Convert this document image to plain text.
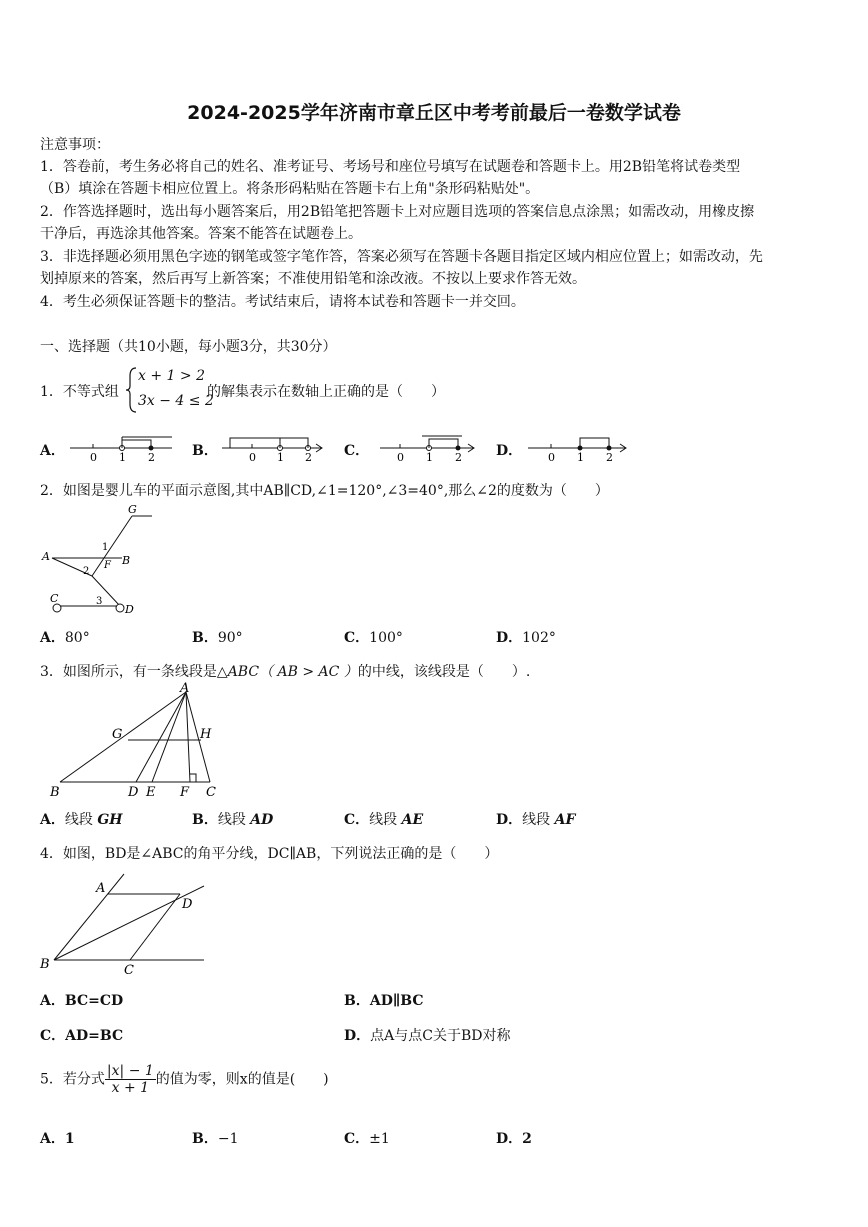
2024-2025学年济南市章丘区中考考前最后一卷数学试卷
注意事项：
1．答卷前，考生务必将自己的姓名、准考证号、考场号和座位号填写在试题卷和答题卡上。用2B铅笔将试卷类型
（B）填涂在答题卡相应位置上。将条形码粘贴在答题卡右上角"条形码粘贴处"。
2．作答选择题时，选出每小题答案后，用2B铅笔把答题卡上对应题目选项的答案信息点涂黑；如需改动，用橡皮擦
干净后，再选涂其他答案。答案不能答在试题卷上。
3．非选择题必须用黑色字迹的钢笔或签字笔作答，答案必须写在答题卡各题目指定区域内相应位置上；如需改动，先
划掉原来的答案，然后再写上新答案；不准使用铅笔和涂改液。不按以上要求作答无效。
4．考生必须保证答题卡的整洁。考试结束后，请将本试卷和答题卡一并交回。
一、选择题（共10小题，每小题3分，共30分）
1．不等式组
x + 1 > 2
3x − 4 ≤ 2
的解集表示在数轴上正确的是（　　）
A．	B．	C．	D．
0 1 2	0 1 2	0 1 2	0 1 2
2．如图是婴儿车的平面示意图,其中AB∥CD,∠1=120°,∠3=40°,那么∠2的度数为（　　）
G
A	B
F
1
2
3
C
D
A．80°	B．90°	C．100°	D．102°
3．如图所示，有一条线段是△ABC（ AB > AC ）的中线，该线段是（　　）.
A
G	H
B	D E F C
A．线段 GH	B．线段 AD	C．线段 AE	D．线段 AF
4．如图，BD是∠ABC的角平分线，DC∥AB，下列说法正确的是（　　）
A
D
B	C
A．BC=CD	B．AD∥BC
C．AD=BC	D．点A与点C关于BD对称
5．若分式 $\frac{|x| - 1}{x + 1}$ 的值为零，则x的值是(　　)
A．1	B．−1	C．±1	D．2
